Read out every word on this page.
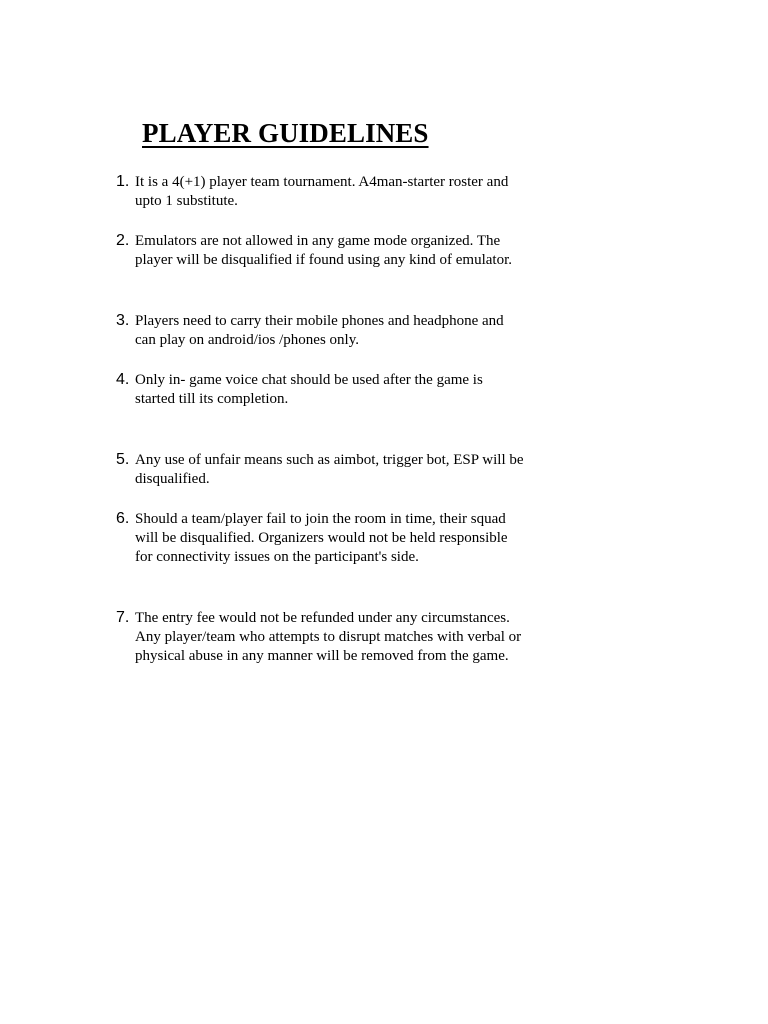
PLAYER GUIDELINES
1. It is a 4(+1) player team tournament. A4man-starter roster and
upto 1 substitute.
2. Emulators are not allowed in any game mode organized. The
player will be disqualified if found using any kind of emulator.
3. Players need to carry their mobile phones and headphone and
can play on android/ios /phones only.
4. Only in- game voice chat should be used after the game is
started till its completion.
5. Any use of unfair means such as aimbot, trigger bot, ESP will be
disqualified.
6. Should a team/player fail to join the room in time, their squad
will be disqualified. Organizers would not be held responsible
for connectivity issues on the participant's side.
7. The entry fee would not be refunded under any circumstances.
Any player/team who attempts to disrupt matches with verbal or
physical abuse in any manner will be removed from the game.
